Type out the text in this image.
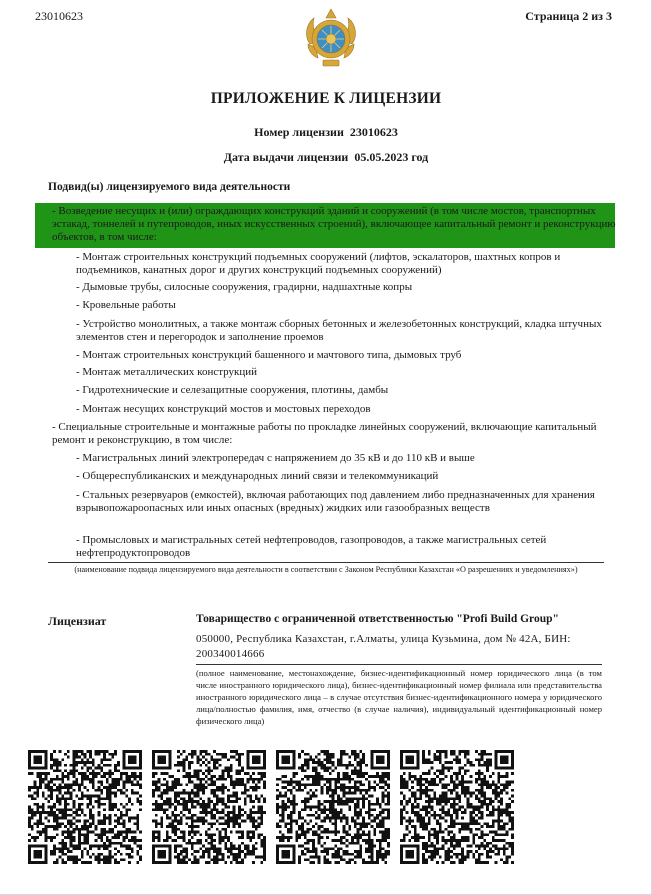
23010623	Страница 2 из 3
ПРИЛОЖЕНИЕ К ЛИЦЕНЗИИ
Номер лицензии 23010623
Дата выдачи лицензии 05.05.2023 год
Подвид(ы) лицензируемого вида деятельности
- Возведение несущих и (или) ограждающих конструкций зданий и сооружений (в том числе мостов, транспортных эстакад, тоннелей и путепроводов, иных искусственных строений), включающее капитальный ремонт и реконструкцию объектов, в том числе:
- Монтаж строительных конструкций подъемных сооружений (лифтов, эскалаторов, шахтных копров и подъемников, канатных дорог и других конструкций подъемных сооружений)
- Дымовые трубы, силосные сооружения, градирни, надшахтные копры
- Кровельные работы
- Устройство монолитных, а также монтаж сборных бетонных и железобетонных конструкций, кладка штучных элементов стен и перегородок и заполнение проемов
- Монтаж строительных конструкций башенного и мачтового типа, дымовых труб
- Монтаж металлических конструкций
- Гидротехнические и селезащитные сооружения, плотины, дамбы
- Монтаж несущих конструкций мостов и мостовых переходов
- Специальные строительные и монтажные работы по прокладке линейных сооружений, включающие капитальный ремонт и реконструкцию, в том числе:
- Магистральных линий электропередач с напряжением до 35 кВ и до 110 кВ и выше
- Общереспубликанских и международных линий связи и телекоммуникаций
- Стальных резервуаров (емкостей), включая работающих под давлением либо предназначенных для хранения взрывопожароопасных или иных опасных (вредных) жидких или газообразных веществ
- Промысловых и магистральных сетей нефтепроводов, газопроводов, а также магистральных сетей нефтепродуктопроводов
(наименование подвида лицензируемого вида деятельности в соответствии с Законом Республики Казахстан «О разрешениях и уведомлениях»)
Лицензиат	Товарищество с ограниченной ответственностью "Profi Build Group"
050000, Республика Казахстан, г.Алматы, улица Кузьмина, дом № 42А, БИН: 200340014666
(полное наименование, местонахождение, бизнес-идентификационный номер юридического лица (в том числе иностранного юридического лица), бизнес-идентификационный номер филиала или представительства иностранного юридического лица – в случае отсутствия бизнес-идентификационного номера у юридического лица/полностью фамилия, имя, отчество (в случае наличия), индивидуальный идентификационный номер физического лица)
